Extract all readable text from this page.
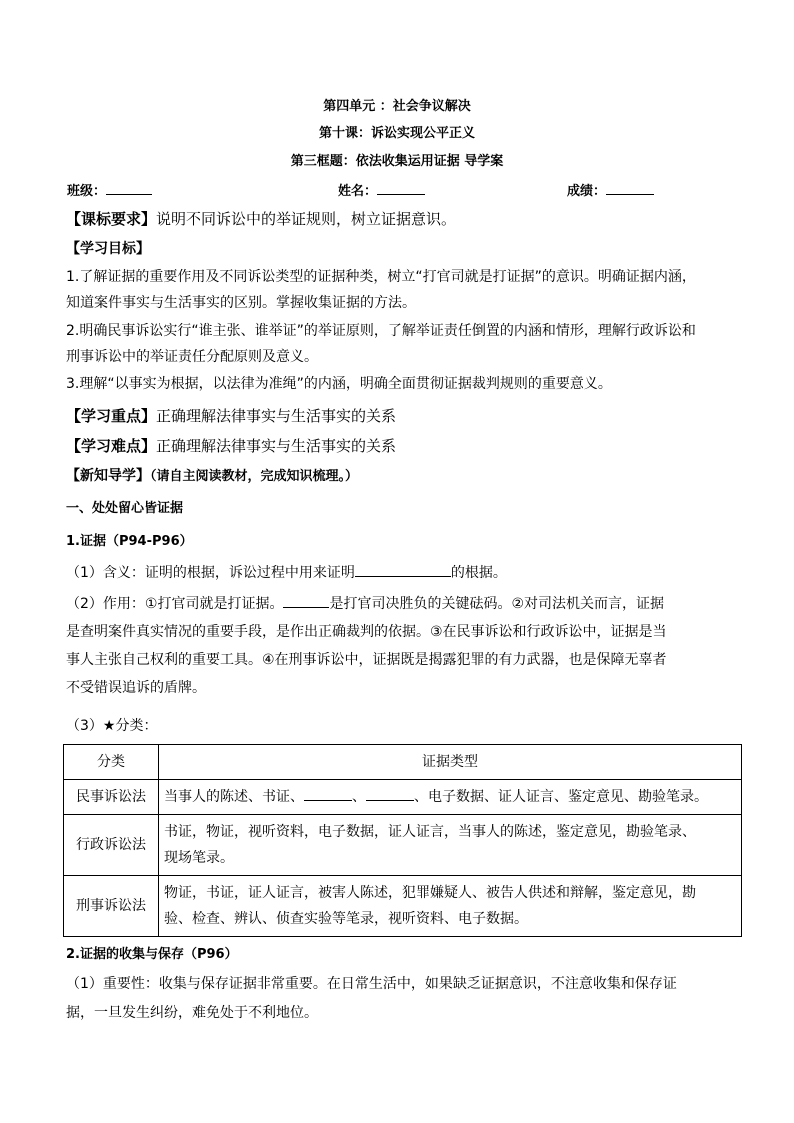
第四单元 ：社会争议解决
第十课：诉讼实现公平正义
第三框题：依法收集运用证据 导学案
班级：	姓名：	成绩：
【课标要求】说明不同诉讼中的举证规则，树立证据意识。
【学习目标】
1.了解证据的重要作用及不同诉讼类型的证据种类，树立“打官司就是打证据”的意识。明确证据内涵，
知道案件事实与生活事实的区别。掌握收集证据的方法。
2.明确民事诉讼实行“谁主张、谁举证”的举证原则，了解举证责任倒置的内涵和情形，理解行政诉讼和
刑事诉讼中的举证责任分配原则及意义。
3.理解“以事实为根据，以法律为准绳”的内涵，明确全面贯彻证据裁判规则的重要意义。
【学习重点】正确理解法律事实与生活事实的关系
【学习难点】正确理解法律事实与生活事实的关系
【新知导学】（请自主阅读教材，完成知识梳理。）
一、处处留心皆证据
1.证据（P94-P96）
（1）含义：证明的根据，诉讼过程中用来证明	的根据。
（2）作用：①打官司就是打证据。	是打官司决胜负的关键砝码。②对司法机关而言，证据
是查明案件真实情况的重要手段，是作出正确裁判的依据。③在民事诉讼和行政诉讼中，证据是当
事人主张自己权利的重要工具。④在刑事诉讼中，证据既是揭露犯罪的有力武器，也是保障无辜者
不受错误追诉的盾牌。
（3）★分类：
分类	证据类型
民事诉讼法	当事人的陈述、书证、 、 、电子数据、证人证言、鉴定意见、勘验笔录。
行政诉讼法	书证，物证，视听资料，电子数据，证人证言，当事人的陈述，鉴定意见，勘验笔录、
现场笔录。

刑事诉讼法	物证，书证，证人证言，被害人陈述，犯罪嫌疑人、被告人供述和辩解，鉴定意见，勘
验、检查、辨认、侦查实验等笔录，视听资料、电子数据。
2.证据的收集与保存（P96）
（1）重要性：收集与保存证据非常重要。在日常生活中，如果缺乏证据意识，不注意收集和保存证
据，一旦发生纠纷，难免处于不利地位。
